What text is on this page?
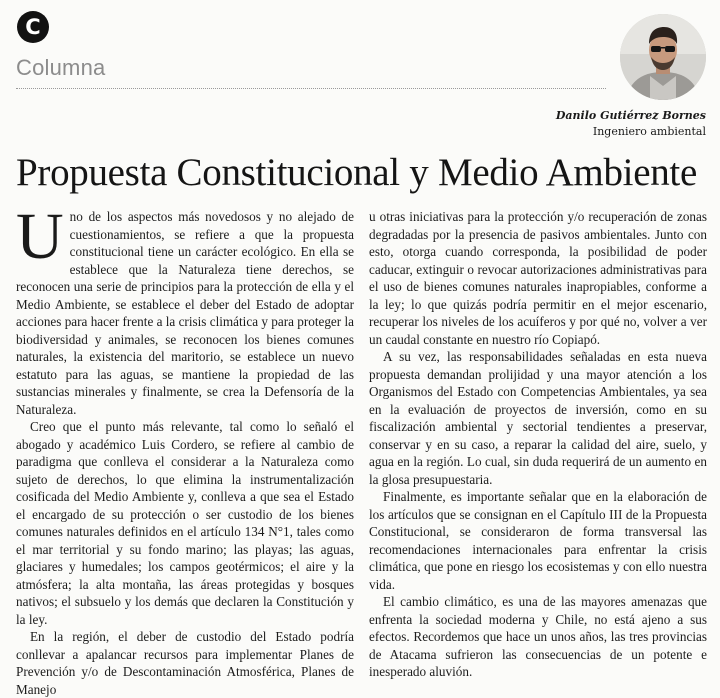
C
Columna
Danilo Gutiérrez Bornes
Ingeniero ambiental
Propuesta Constitucional y Medio Ambiente

Uno de los aspectos más novedosos y no alejado de cuestionamientos, se refiere a que la propuesta constitucional tiene un carácter ecológico. En ella se establece que la Naturaleza tiene derechos, se reconocen una serie de principios para la protección de ella y el Medio Ambiente, se establece el deber del Estado de adoptar acciones para hacer frente a la crisis climática y para proteger la biodiversidad y animales, se reconocen los bienes comunes naturales, la existencia del maritorio, se establece un nuevo estatuto para las aguas, se mantiene la propiedad de las sustancias minerales y finalmente, se crea la Defensoría de la Naturaleza.

Creo que el punto más relevante, tal como lo señaló el abogado y académico Luis Cordero, se refiere al cambio de paradigma que conlleva el considerar a la Naturaleza como sujeto de derechos, lo que elimina la instrumentalización cosificada del Medio Ambiente y, conlleva a que sea el Estado el encargado de su protección o ser custodio de los bienes comunes naturales definidos en el artículo 134 N°1, tales como el mar territorial y su fondo marino; las playas; las aguas, glaciares y humedales; los campos geotérmicos; el aire y la atmósfera; la alta montaña, las áreas protegidas y bosques nativos; el subsuelo y los demás que declaren la Constitución y la ley.

En la región, el deber de custodio del Estado podría conllevar a apalancar recursos para implementar Planes de Prevención y/o de Descontaminación Atmosférica, Planes de Manejo

u otras iniciativas para la protección y/o recuperación de zonas degradadas por la presencia de pasivos ambientales. Junto con esto, otorga cuando corresponda, la posibilidad de poder caducar, extinguir o revocar autorizaciones administrativas para el uso de bienes comunes naturales inapropiables, conforme a la ley; lo que quizás podría permitir en el mejor escenario, recuperar los niveles de los acuíferos y por qué no, volver a ver un caudal constante en nuestro río Copiapó.

A su vez, las responsabilidades señaladas en esta nueva propuesta demandan prolijidad y una mayor atención a los Organismos del Estado con Competencias Ambientales, ya sea en la evaluación de proyectos de inversión, como en su fiscalización ambiental y sectorial tendientes a preservar, conservar y en su caso, a reparar la calidad del aire, suelo, y agua en la región. Lo cual, sin duda requerirá de un aumento en la glosa presupuestaria.

Finalmente, es importante señalar que en la elaboración de los artículos que se consignan en el Capítulo III de la Propuesta Constitucional, se consideraron de forma transversal las recomendaciones internacionales para enfrentar la crisis climática, que pone en riesgo los ecosistemas y con ello nuestra vida.

El cambio climático, es una de las mayores amenazas que enfrenta la sociedad moderna y Chile, no está ajeno a sus efectos. Recordemos que hace un unos años, las tres provincias de Atacama sufrieron las consecuencias de un potente e inesperado aluvión.
